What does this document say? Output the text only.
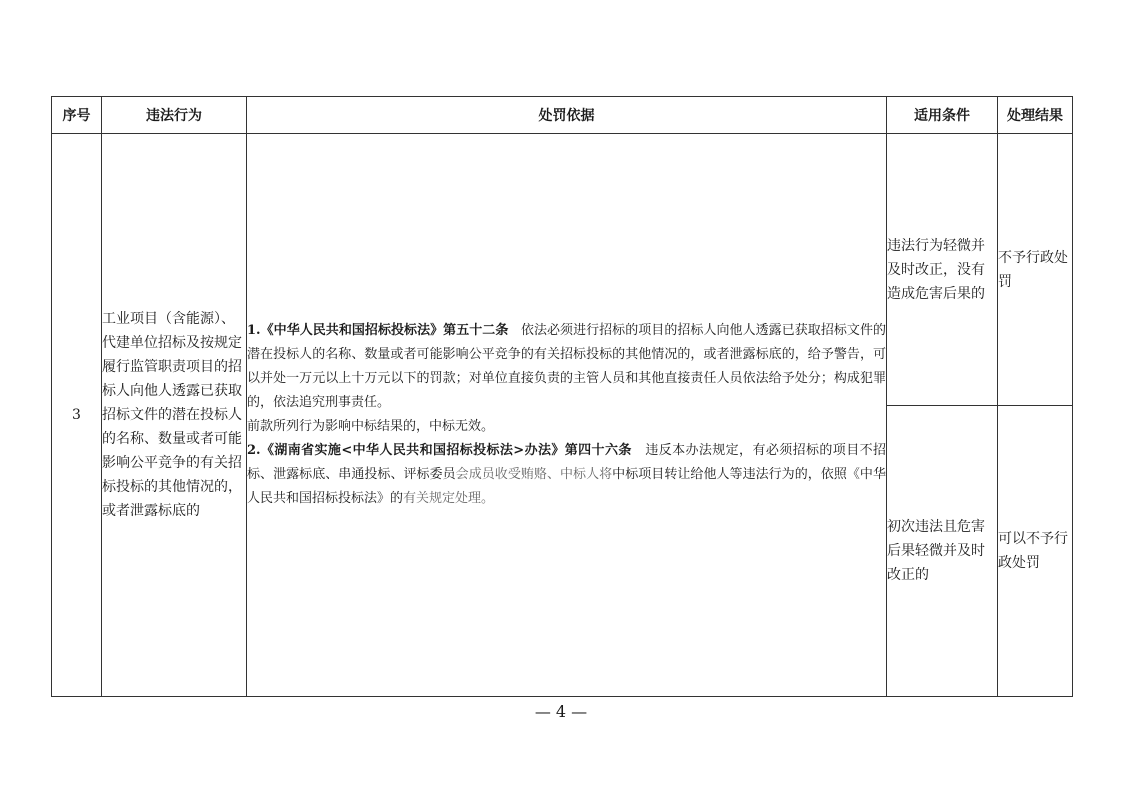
序号	违法行为	处罚依据	适用条件	处理结果
3	工业项目（含能源）、代建单位招标及按规定履行监管职责项目的招标人向他人透露已获取招标文件的潜在投标人的名称、数量或者可能影响公平竞争的有关招标投标的其他情况的，或者泄露标底的	1.《中华人民共和国招标投标法》第五十二条 依法必须进行招标的项目的招标人向他人透露已获取招标文件的潜在投标人的名称、数量或者可能影响公平竞争的有关招标投标的其他情况的，或者泄露标底的，给予警告，可以并处一万元以上十万元以下的罚款；对单位直接负责的主管人员和其他直接责任人员依法给予处分；构成犯罪的，依法追究刑事责任。
前款所列行为影响中标结果的，中标无效。
2.《湖南省实施<中华人民共和国招标投标法>办法》第四十六条 违反本办法规定，有必须招标的项目不招标、泄露标底、串通投标、评标委员会成员收受贿赂、中标人将中标项目转让给他人等违法行为的，依照《中华人民共和国招标投标法》的有关规定处理。	违法行为轻微并及时改正，没有造成危害后果的	不予行政处罚
			初次违法且危害后果轻微并及时改正的	可以不予行政处罚
— 4 —
